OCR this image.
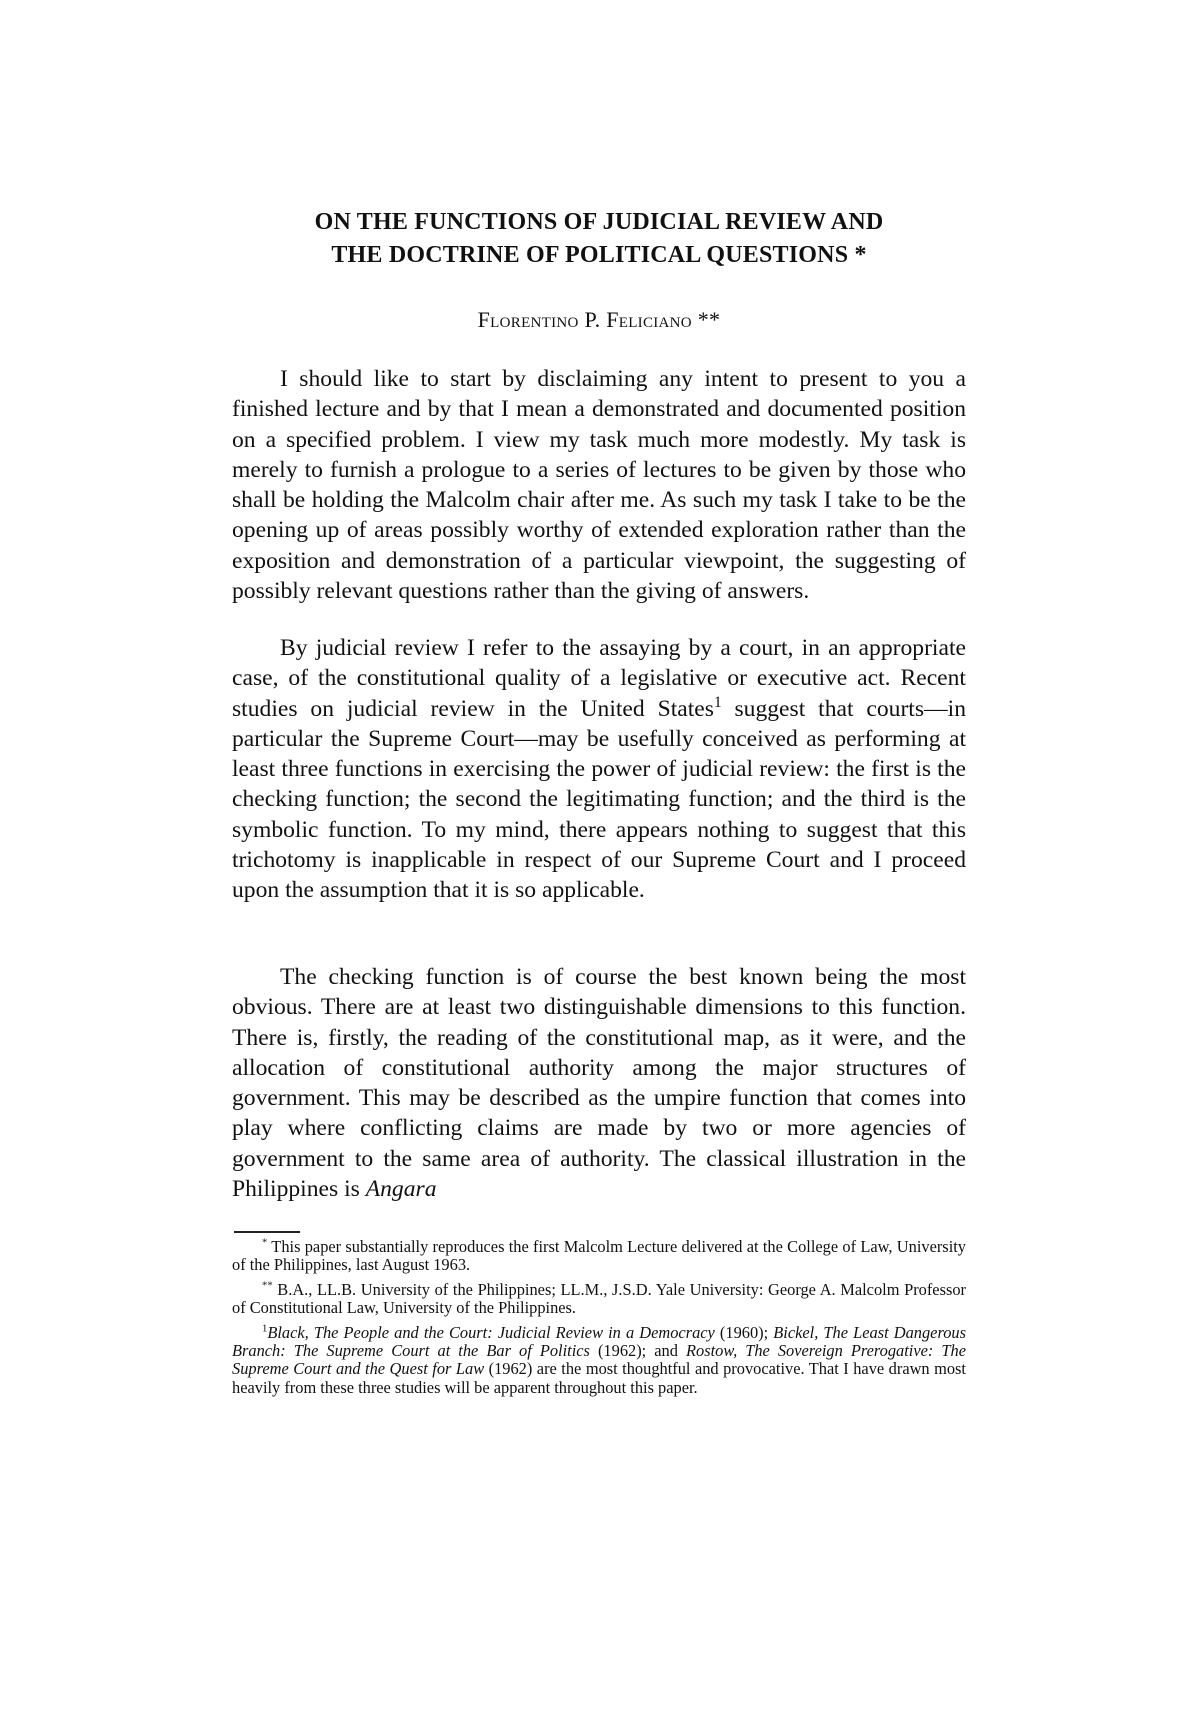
ON THE FUNCTIONS OF JUDICIAL REVIEW AND
THE DOCTRINE OF POLITICAL QUESTIONS *
Florentino P. Feliciano **

I should like to start by disclaiming any intent to present to you a finished lecture and by that I mean a demonstrated and documented position on a specified problem. I view my task much more modestly. My task is merely to furnish a prologue to a series of lectures to be given by those who shall be holding the Malcolm chair after me. As such my task I take to be the opening up of areas possibly worthy of extended exploration rather than the exposition and demonstration of a particular viewpoint, the suggesting of possibly relevant questions rather than the giving of answers.

By judicial review I refer to the assaying by a court, in an appropriate case, of the constitutional quality of a legislative or executive act. Recent studies on judicial review in the United States$^1$ suggest that courts—in particular the Supreme Court—may be usefully conceived as performing at least three functions in exercising the power of judicial review: the first is the checking function; the second the legitimating function; and the third is the symbolic function. To my mind, there appears nothing to suggest that this trichotomy is inapplicable in respect of our Supreme Court and I proceed upon the assumption that it is so applicable.

The checking function is of course the best known being the most obvious. There are at least two distinguishable dimensions to this function. There is, firstly, the reading of the constitutional map, as it were, and the allocation of constitutional authority among the major structures of government. This may be described as the umpire function that comes into play where conflicting claims are made by two or more agencies of government to the same area of authority. The classical illustration in the Philippines is Angara

* This paper substantially reproduces the first Malcolm Lecture delivered at the College of Law, University of the Philippines, last August 1963.

** B.A., LL.B. University of the Philippines; LL.M., J.S.D. Yale University: George A. Malcolm Professor of Constitutional Law, University of the Philippines.

$^1$Black, The People and the Court: Judicial Review in a Democracy (1960); Bickel, The Least Dangerous Branch: The Supreme Court at the Bar of Politics (1962); and Rostow, The Sovereign Prerogative: The Supreme Court and the Quest for Law (1962) are the most thoughtful and provocative. That I have drawn most heavily from these three studies will be apparent throughout this paper.
